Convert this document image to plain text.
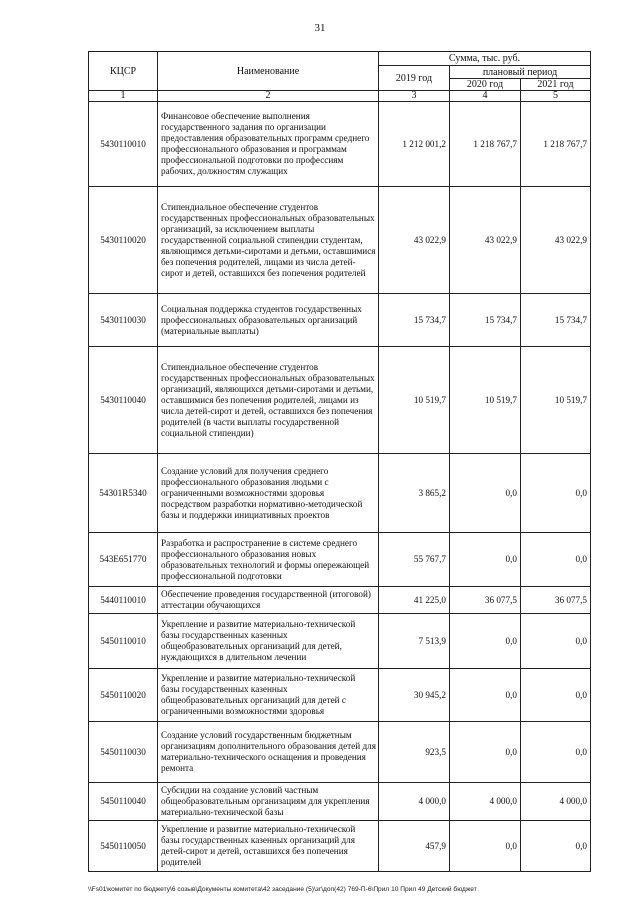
31
КЦСР	Наименование	Сумма, тыс. руб.		
		2019 год	плановый период	
			2020 год	2021 год
1	2	3	4	5
5430110010	Финансовое обеспечение выполнения государственного задания по организации предоставления образовательных программ среднего профессионального образования и программам профессиональной подготовки по профессиям рабочих, должностям служащих	1 212 001,2	1 218 767,7	1 218 767,7
5430110020	Стипендиальное обеспечение студентов государственных профессиональных образовательных организаций, за исключением выплаты государственной социальной стипендии студентам, являющимся детьми-сиротами и детьми, оставшимися без попечения родителей, лицами из числа детей-сирот и детей, оставшихся без попечения родителей	43 022,9	43 022,9	43 022,9
5430110030	Социальная поддержка студентов государственных профессиональных образовательных организаций (материальные выплаты)	15 734,7	15 734,7	15 734,7
5430110040	Стипендиальное обеспечение студентов государственных профессиональных образовательных организаций, являющихся детьми-сиротами и детьми, оставшимися без попечения родителей, лицами из числа детей-сирот и детей, оставшихся без попечения родителей (в части выплаты государственной социальной стипендии)	10 519,7	10 519,7	10 519,7
54301R5340	Создание условий для получения среднего профессионального образования людьми с ограниченными возможностями здоровья посредством разработки нормативно-методической базы и поддержки инициативных проектов	3 865,2	0,0	0,0
543E651770	Разработка и распространение в системе среднего профессионального образования новых образовательных технологий и формы опережающей профессиональной подготовки	55 767,7	0,0	0,0
5440110010	Обеспечение проведения государственной (итоговой) аттестации обучающихся	41 225,0	36 077,5	36 077,5
5450110010	Укрепление и развитие материально-технической базы государственных казенных общеобразовательных организаций для детей, нуждающихся в длительном лечении	7 513,9	0,0	0,0
5450110020	Укрепление и развитие материально-технической базы государственных казенных общеобразовательных организаций для детей с ограниченными возможностями здоровья	30 945,2	0,0	0,0
5450110030	Создание условий государственным бюджетным организациям дополнительного образования детей для материально-технического оснащения и проведения ремонта	923,5	0,0	0,0
5450110040	Субсидии на создание условий частным общеобразовательным организациям для укрепления материально-технической базы	4 000,0	4 000,0	4 000,0
5450110050	Укрепление и развитие материально-технической базы государственных казенных организаций для детей-сирот и детей, оставшихся без попечения родителей	457,9	0,0	0,0
\\Fs01\комитет по бюджету\6 созыв\Документы комитета\42 заседание (5)\зг\доп(42) 769-П-6\Прил 10 Прил 49 Детский бюджет
